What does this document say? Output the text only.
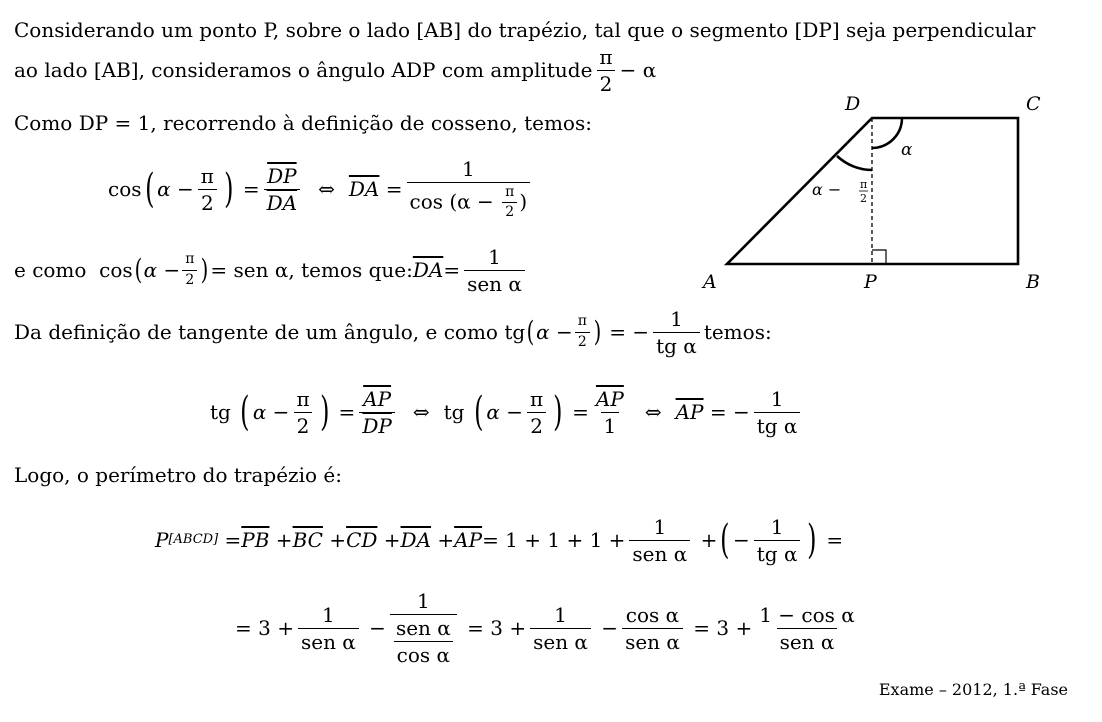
Considerando um ponto P, sobre o lado [AB] do trapézio, tal que o segmento [DP] seja perpendicular
ao lado [AB], consideramos o ângulo ADP com amplitude $\frac{\pi}{2} - \alpha$
Como DP = 1, recorrendo à definição de cosseno, temos:
cos ( $\alpha - \frac{\pi}{2}$ ) = $\frac{\overline{DP}}{DA}$ ⇔ $\overline{DA} = \frac{1}{\cos (\alpha - \frac{\pi}{2} )}$
e como
cos ( $\alpha - \frac{\pi}{2}$ ) = sen α, temos que: $\overline{DA} = \frac{1}{\text{sen α}}$
Da definição de tangente de um ângulo, e como tg ( $\alpha - \frac{\pi}{2}$ ) = − $\frac{1}{\text{tg α}}$ temos:
tg
( $\alpha - \frac{\pi}{2}$ ) = $\frac{\overline{AP}}{DP}$ ⇔ tg
( $\alpha - \frac{\pi}{2}$ ) = $\frac{\overline{AP}}{1}$ ⇔ $\overline{AP}$ = − $\frac{1}{\text{tg α}}$
Logo, o perímetro do trapézio é:
P [ABCD] = $\overline{PB} + \overline{BC} + \overline{CD} + \overline{DA} + \overline{AP} = 1 + 1 + 1 + \frac{1}{\text{sen α}}$ + ( − $\frac{1}{\text{tg α}}$ ) =
= $3 + \frac{1}{\text{sen α}} - \frac{1}{\frac{\text{sen α}}{\text{cos α}}} = 3 + \frac{1}{\text{sen α}} - \frac{\text{cos α}}{\text{sen α}} = 3 + \frac{\text{1 − cos α}}{\text{sen α}}$
Exame – 2012, 1.ª Fase
D	C
A	P	B
α
α − π
2
